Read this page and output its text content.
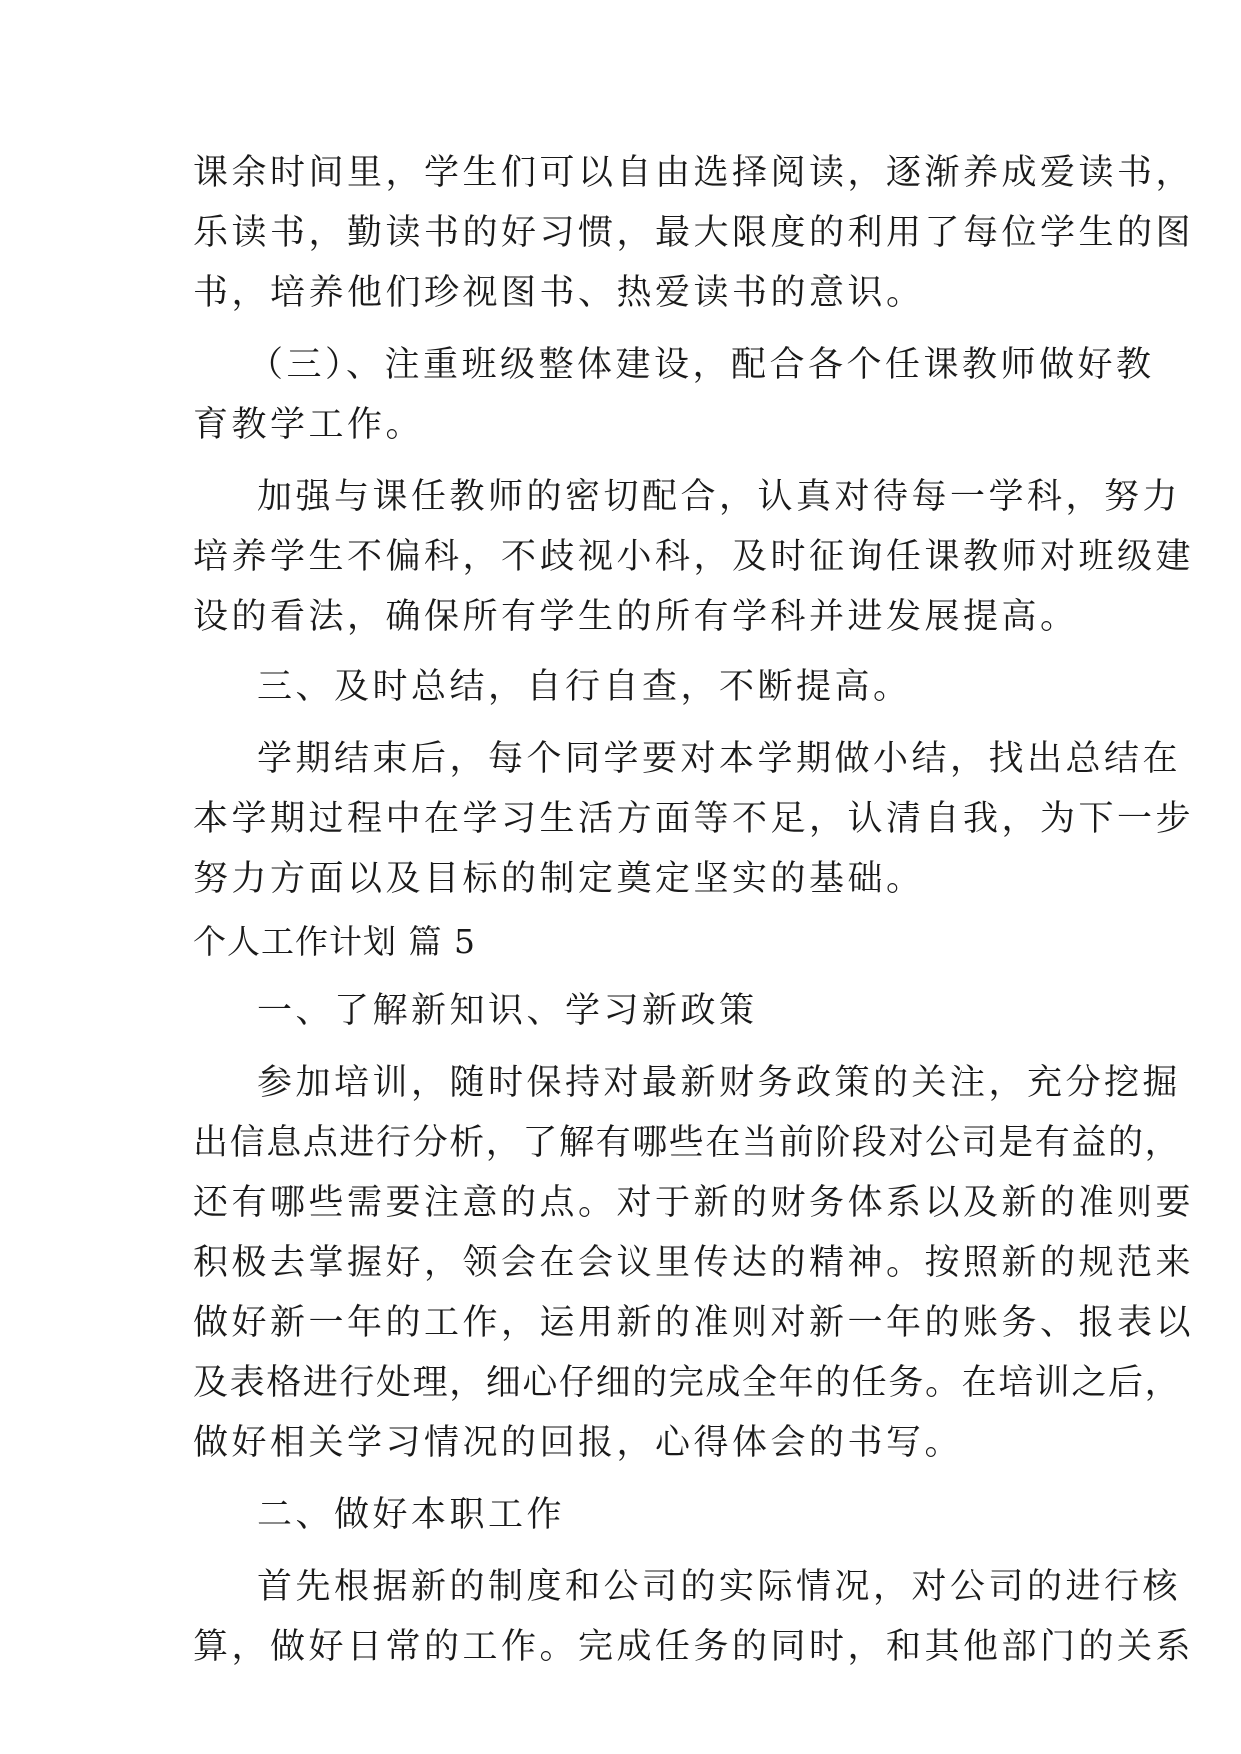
课余时间里，学生们可以自由选择阅读，逐渐养成爱读书，
乐读书，勤读书的好习惯，最大限度的利用了每位学生的图
书，培养他们珍视图书、热爱读书的意识。
（三）、注重班级整体建设，配合各个任课教师做好教
育教学工作。
加强与课任教师的密切配合，认真对待每一学科，努力
培养学生不偏科，不歧视小科，及时征询任课教师对班级建
设的看法，确保所有学生的所有学科并进发展提高。
三、及时总结，自行自查，不断提高。
学期结束后，每个同学要对本学期做小结，找出总结在
本学期过程中在学习生活方面等不足，认清自我，为下一步
努力方面以及目标的制定奠定坚实的基础。
个人工作计划 篇 5
一、了解新知识、学习新政策
参加培训，随时保持对最新财务政策的关注，充分挖掘
出信息点进行分析，了解有哪些在当前阶段对公司是有益的，
还有哪些需要注意的点。对于新的财务体系以及新的准则要
积极去掌握好，领会在会议里传达的精神。按照新的规范来
做好新一年的工作，运用新的准则对新一年的账务、报表以
及表格进行处理，细心仔细的完成全年的任务。在培训之后，
做好相关学习情况的回报，心得体会的书写。
二、做好本职工作
首先根据新的制度和公司的实际情况，对公司的进行核
算，做好日常的工作。完成任务的同时，和其他部门的关系
